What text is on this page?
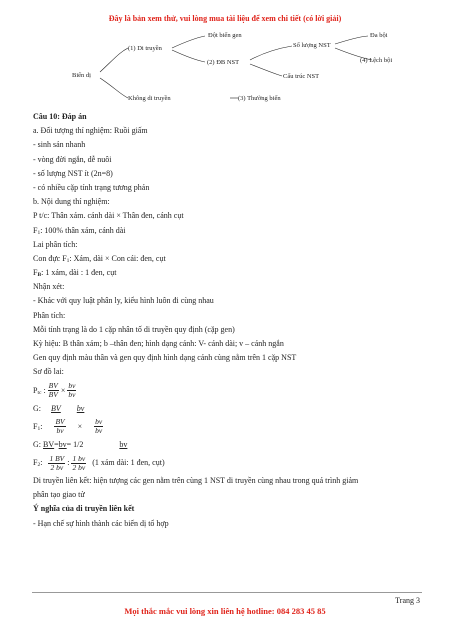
Đây là bản xem thử, vui lòng mua tài liệu để xem chi tiết (có lời giải)
Biến dị
(1) Di truyền
Không di truyền	(3) Thường biến
Đột biến gen
(2) ĐB NST
Số lượng NST
Cấu trúc NST
Đa bội
(4) Lệch bội
Câu 10: Đáp án
a. Đối tượng thí nghiệm: Ruồi giấm
- sinh sản nhanh
- vòng đời ngắn, dễ nuôi
- số lượng NST ít (2n=8)
- có nhiều cặp tính trạng tương phản
b. Nội dung thí nghiệm:
P t/c: Thân xám. cánh dài × Thân đen, cánh cụt
F1: 100% thân xám, cánh dài
Lai phân tích:
Con đực F1: Xám, dài × Con cái: đen, cụt
FB: 1 xám, dài : 1 đen, cụt
Nhận xét:
- Khác với quy luật phân ly, kiểu hình luôn đi cùng nhau
Phân tích:
Mỗi tính trạng là do 1 cặp nhân tố di truyền quy định (cặp gen)
Kỳ hiệu: B thân xám; b –thân đen; hình dạng cánh: V- cánh dài; v – cánh ngắn
Gen quy định màu thân và gen quy định hình dạng cánh cùng nằm trên 1 cặp NST
Sơ đồ lai:
Ptc : $\frac{BV}{BV} \times \frac{bv}{bv}$
G: BV bv
F1: $\frac{BV}{bv} \times \frac{bv}{bv}$
G: BV=bv= 1/2	bv
F2: $\frac{1 BV}{2 bv}$ : $\frac{1 bv}{2 bv} (1$ xám dài: 1 đen, cụt)
Di truyền liên kết: hiện tượng các gen nằm trên cùng 1 NST di truyền cùng nhau trong quá trình giảm
phân tạo giao tử
Ý nghĩa của di truyền liên kết
- Hạn chế sự hình thành các biến dị tổ hợp
Trang 3
Mọi thắc mắc vui lòng xin liên hệ hotline: 084 283 45 85
